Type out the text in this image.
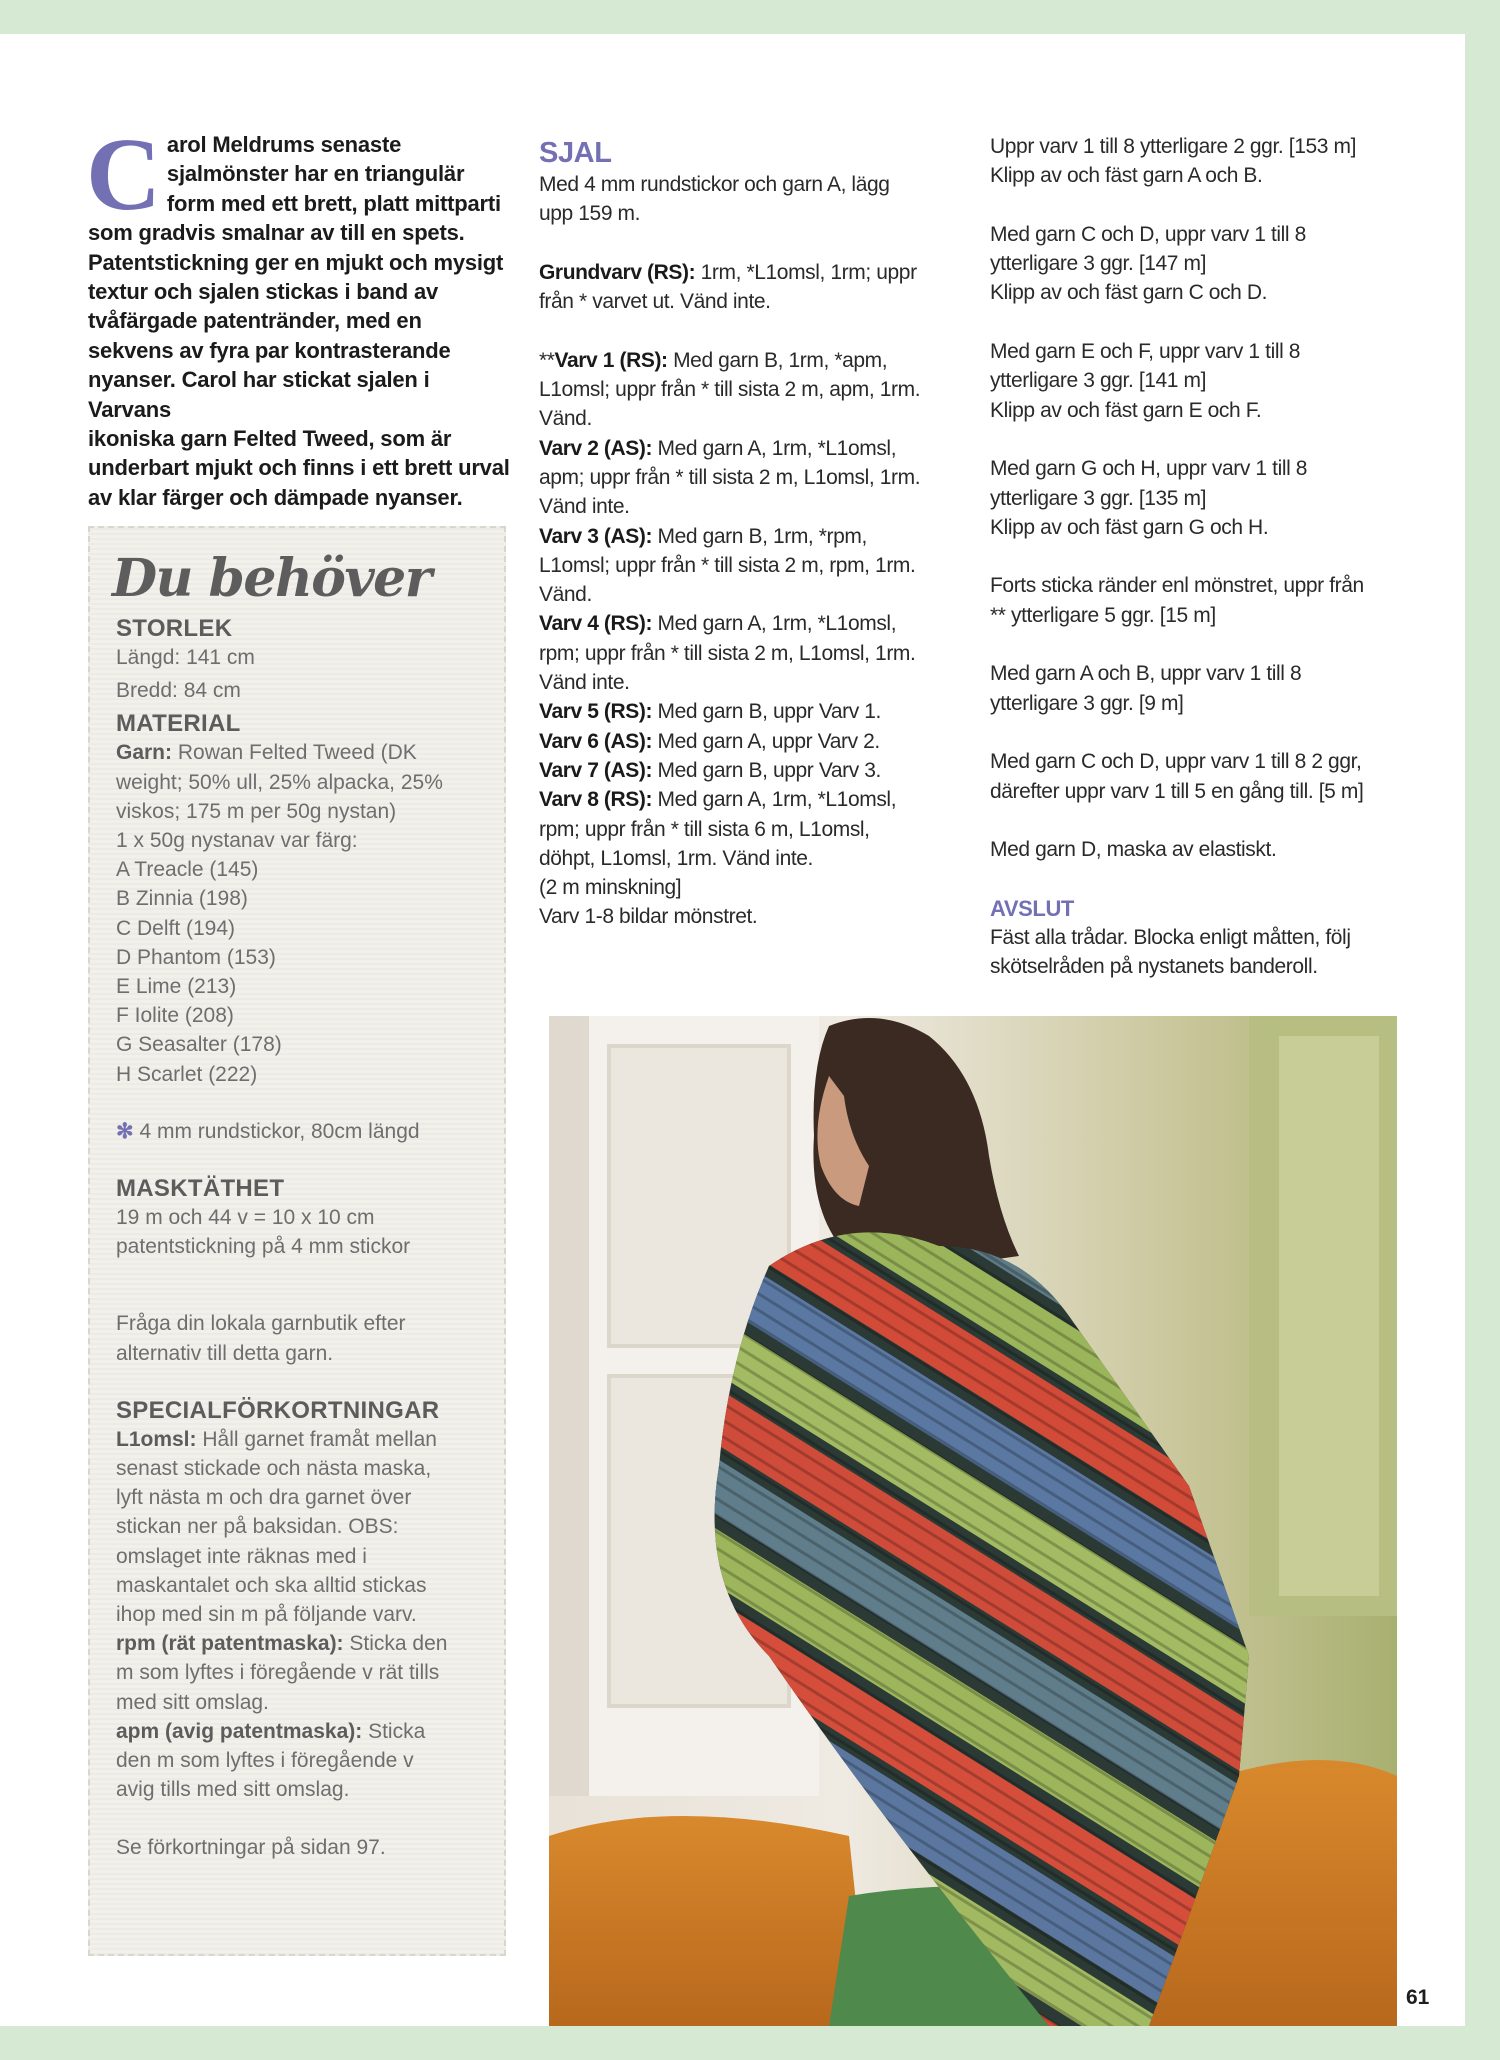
C arol Meldrums senaste
sjalmönster har en triangulär
form med ett brett, platt mittparti
som gradvis smalnar av till en spets.
Patentstickning ger en mjukt och mysigt
textur och sjalen stickas i band av
tvåfärgade patentränder, med en
sekvens av fyra par kontrasterande
nyanser. Carol har stickat sjalen i Varvans
ikoniska garn Felted Tweed, som är
underbart mjukt och finns i ett brett urval
av klar färger och dämpade nyanser.
Du behöver

STORLEK

Längd: 141 cm

Bredd: 84 cm

MATERIAL

Garn: Rowan Felted Tweed (DK

weight; 50% ull, 25% alpacka, 25%

viskos; 175 m per 50g nystan)

1 x 50g nystanav var färg:

A Treacle (145)

B Zinnia (198)

C Delft (194)

D Phantom (153)

E Lime (213)

F Iolite (208)

G Seasalter (178)

H Scarlet (222)

✻ 4 mm rundstickor, 80cm längd

MASKTÄTHET

19 m och 44 v = 10 x 10 cm

patentstickning på 4 mm stickor

Fråga din lokala garnbutik efter

alternativ till detta garn.

SPECIALFÖRKORTNINGAR

L1omsl: Håll garnet framåt mellan

senast stickade och nästa maska,

lyft nästa m och dra garnet över

stickan ner på baksidan. OBS:

omslaget inte räknas med i

maskantalet och ska alltid stickas

ihop med sin m på följande varv.

rpm (rät patentmaska): Sticka den

m som lyftes i föregående v rät tills

med sitt omslag.

apm (avig patentmaska): Sticka

den m som lyftes i föregående v

avig tills med sitt omslag.

Se förkortningar på sidan 97.

SJAL

Med 4 mm rundstickor och garn A, lägg

upp 159 m.

Grundvarv (RS): 1rm, *L1omsl, 1rm; uppr

från * varvet ut. Vänd inte.

**Varv 1 (RS): Med garn B, 1rm, *apm,

L1omsl; uppr från * till sista 2 m, apm, 1rm.

Vänd.

Varv 2 (AS): Med garn A, 1rm, *L1omsl,

apm; uppr från * till sista 2 m, L1omsl, 1rm.

Vänd inte.

Varv 3 (AS): Med garn B, 1rm, *rpm,

L1omsl; uppr från * till sista 2 m, rpm, 1rm.

Vänd.

Varv 4 (RS): Med garn A, 1rm, *L1omsl,

rpm; uppr från * till sista 2 m, L1omsl, 1rm.

Vänd inte.

Varv 5 (RS): Med garn B, uppr Varv 1.

Varv 6 (AS): Med garn A, uppr Varv 2.

Varv 7 (AS): Med garn B, uppr Varv 3.

Varv 8 (RS): Med garn A, 1rm, *L1omsl,

rpm; uppr från * till sista 6 m, L1omsl,

döhpt, L1omsl, 1rm. Vänd inte.

(2 m minskning]

Varv 1-8 bildar mönstret.

Uppr varv 1 till 8 ytterligare 2 ggr. [153 m]

Klipp av och fäst garn A och B.

Med garn C och D, uppr varv 1 till 8

ytterligare 3 ggr. [147 m]

Klipp av och fäst garn C och D.

Med garn E och F, uppr varv 1 till 8

ytterligare 3 ggr. [141 m]

Klipp av och fäst garn E och F.

Med garn G och H, uppr varv 1 till 8

ytterligare 3 ggr. [135 m]

Klipp av och fäst garn G och H.

Forts sticka ränder enl mönstret, uppr från

** ytterligare 5 ggr. [15 m]

Med garn A och B, uppr varv 1 till 8

ytterligare 3 ggr. [9 m]

Med garn C och D, uppr varv 1 till 8 2 ggr,

därefter uppr varv 1 till 5 en gång till. [5 m]

Med garn D, maska av elastiskt.

AVSLUT

Fäst alla trådar. Blocka enligt måtten, följ

skötselråden på nystanets banderoll.

61
